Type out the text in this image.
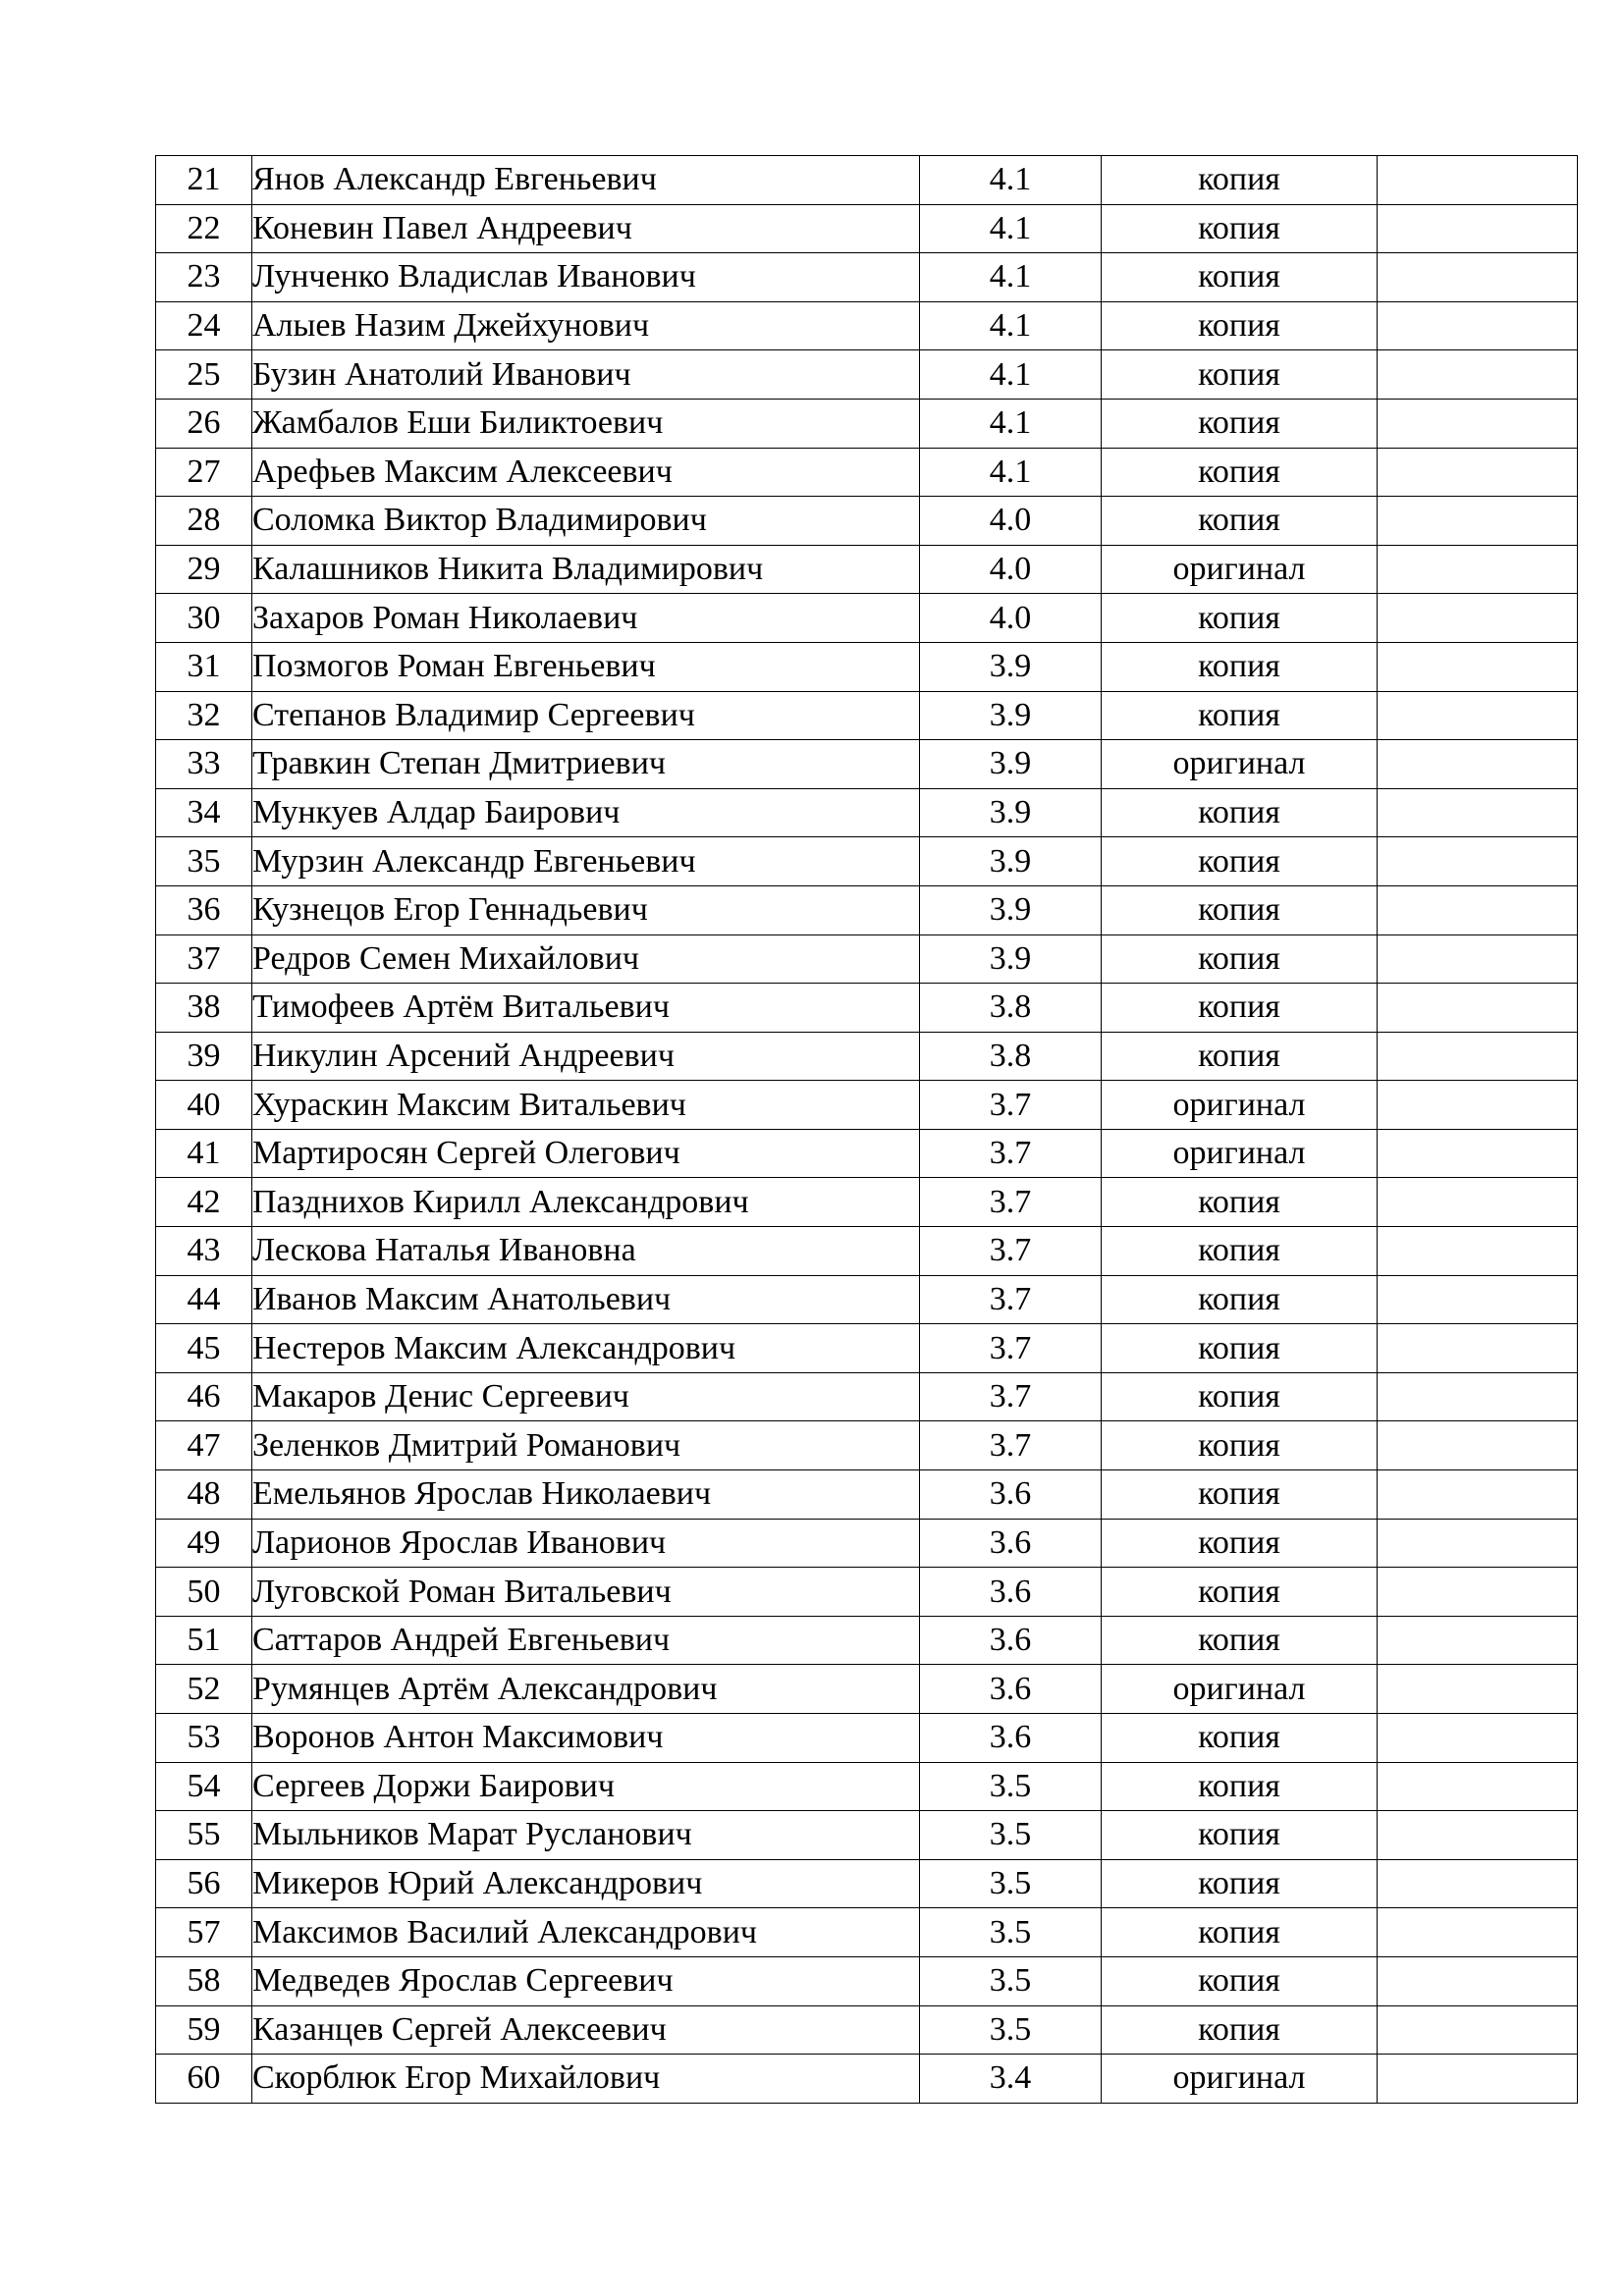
21	Янов Александр Евгеньевич	4.1	копия	
22	Коневин Павел Андреевич	4.1	копия	
23	Лунченко Владислав Иванович	4.1	копия	
24	Алыев Назим Джейхунович	4.1	копия	
25	Бузин Анатолий Иванович	4.1	копия	
26	Жамбалов Еши Биликтоевич	4.1	копия	
27	Арефьев Максим Алексеевич	4.1	копия	
28	Соломка Виктор Владимирович	4.0	копия	
29	Калашников Никита Владимирович	4.0	оригинал	
30	Захаров Роман Николаевич	4.0	копия	
31	Позмогов Роман Евгеньевич	3.9	копия	
32	Степанов Владимир Сергеевич	3.9	копия	
33	Травкин Степан Дмитриевич	3.9	оригинал	
34	Мункуев Алдар Баирович	3.9	копия	
35	Мурзин Александр Евгеньевич	3.9	копия	
36	Кузнецов Егор Геннадьевич	3.9	копия	
37	Редров Семен Михайлович	3.9	копия	
38	Тимофеев Артём Витальевич	3.8	копия	
39	Никулин Арсений Андреевич	3.8	копия	
40	Хураскин Максим Витальевич	3.7	оригинал	
41	Мартиросян Сергей Олегович	3.7	оригинал	
42	Пазднихов Кирилл Александрович	3.7	копия	
43	Лескова Наталья Ивановна	3.7	копия	
44	Иванов Максим Анатольевич	3.7	копия	
45	Нестеров Максим Александрович	3.7	копия	
46	Макаров Денис Сергеевич	3.7	копия	
47	Зеленков Дмитрий Романович	3.7	копия	
48	Емельянов Ярослав Николаевич	3.6	копия	
49	Ларионов Ярослав Иванович	3.6	копия	
50	Луговской Роман Витальевич	3.6	копия	
51	Саттаров Андрей Евгеньевич	3.6	копия	
52	Румянцев Артём Александрович	3.6	оригинал	
53	Воронов Антон Максимович	3.6	копия	
54	Сергеев Доржи Баирович	3.5	копия	
55	Мыльников Марат Русланович	3.5	копия	
56	Микеров Юрий Александрович	3.5	копия	
57	Максимов Василий Александрович	3.5	копия	
58	Медведев Ярослав Сергеевич	3.5	копия	
59	Казанцев Сергей Алексеевич	3.5	копия	
60	Скорблюк Егор Михайлович	3.4	оригинал	
